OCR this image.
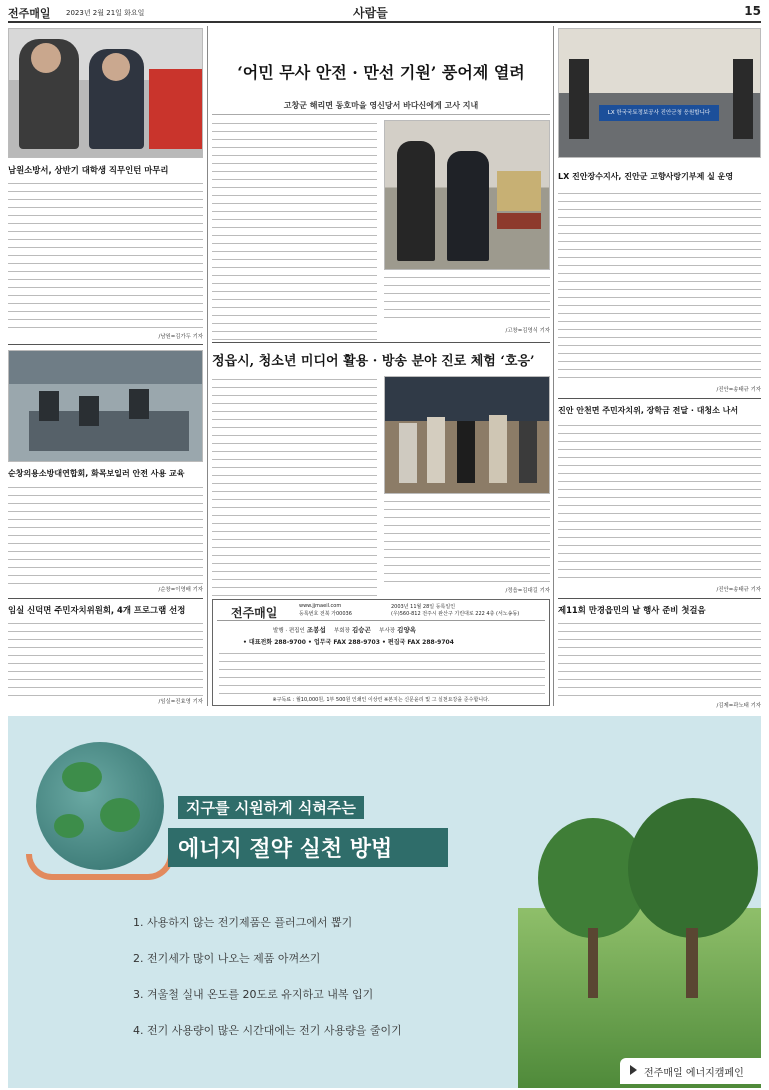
전주매일 2023년 2월 21일 화요일	사람들	15
남원소방서, 상반기 대학생 직무인턴 마무리
/남원=김가두 기자
순창의용소방대연합회, 화목보일러 안전 사용 교육
/순창=이영배 기자
임실 신덕면 주민자치위원회, 4개 프로그램 선정
/임실=진효영 기자
‘어민 무사 안전 · 만선 기원’ 풍어제 열려
고창군 해리면 동호마을 영신당서 바다신에게 고사 지내
/고창=김영식 기자
LX 한국국토정보공사 진안군청 응원합니다
LX 진안장수지사, 진안군 고향사랑기부제 실 운영
/진안=송태규 기자
진안 안천면 주민자치위, 장학금 전달 · 대청소 나서
/진안=송태규 기자
제11회 만경읍민의 날 행사 준비 첫걸음
/김제=곽노태 기자
정읍시, 청소년 미디어 활용 · 방송 분야 진로 체험 ‘호응’
/정읍=김대길 기자
전주매일	www.jjmaeil.com
등록번호 전북 가00036
2003년 11월 28일 등록일인
(우)560-812 전주시 완산구 기린대로 222 4층 (서노송동)
발행 · 편집인 조봉섭 부회장 김승곤 부사장 김양옥
• 대표전화 288-9700 • 업무국 FAX 288-9703 • 편집국 FAX 288-9704
※구독료 : 월10,000원, 1부 500원 인쇄인 이상린 ※본지는 신문윤리 및 그 실천요강을 준수합니다.
지구를 시원하게 식혀주는
에너지 절약 실천 방법
1. 사용하지 않는 전기제품은 플러그에서 뽑기
2. 전기세가 많이 나오는 제품 아껴쓰기
3. 겨울철 실내 온도를 20도로 유지하고 내복 입기
4. 전기 사용량이 많은 시간대에는 전기 사용량을 줄이기
전주매일 에너지캠페인
